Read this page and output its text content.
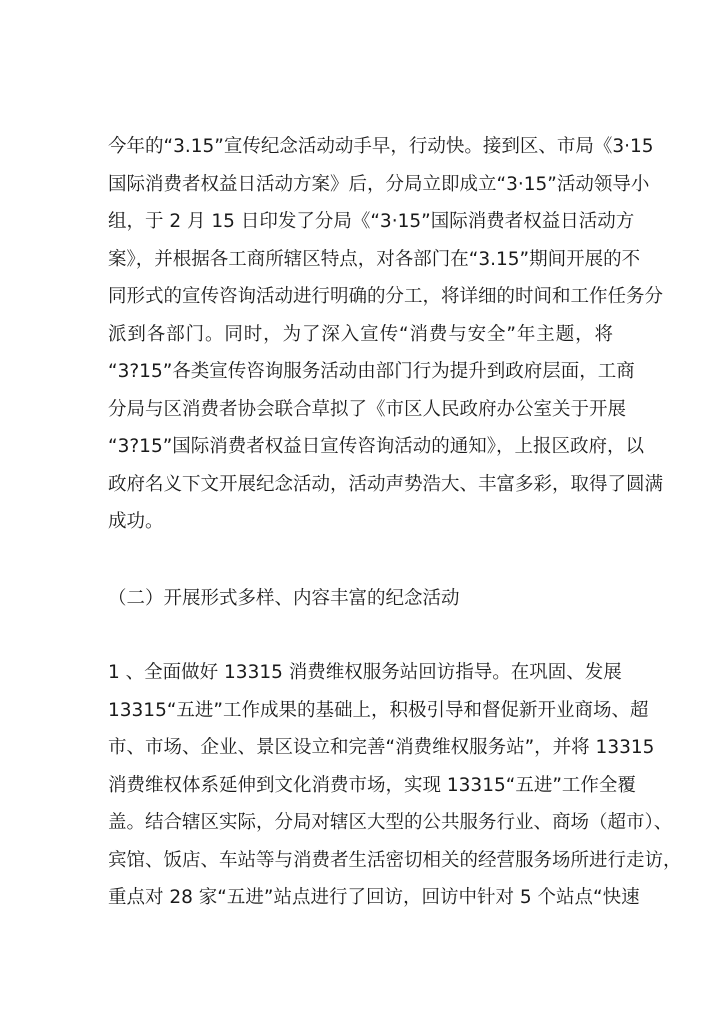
今年的“3.15”宣传纪念活动动手早，行动快。接到区、市局《3·15
国际消费者权益日活动方案》后，分局立即成立“3·15”活动领导小
组，于 2 月 15 日印发了分局《“3·15”国际消费者权益日活动方
案》，并根据各工商所辖区特点，对各部门在“3.15”期间开展的不
同形式的宣传咨询活动进行明确的分工，将详细的时间和工作任务分
派到各部门。同时，为了深入宣传“消费与安全”年主题，将
“3?15”各类宣传咨询服务活动由部门行为提升到政府层面，工商
分局与区消费者协会联合草拟了《市区人民政府办公室关于开展
“3?15”国际消费者权益日宣传咨询活动的通知》，上报区政府，以
政府名义下文开展纪念活动，活动声势浩大、丰富多彩，取得了圆满
成功。
（二）开展形式多样、内容丰富的纪念活动
1 、全面做好 13315 消费维权服务站回访指导。在巩固、发展
13315“五进”工作成果的基础上，积极引导和督促新开业商场、超
市、市场、企业、景区设立和完善“消费维权服务站”，并将 13315
消费维权体系延伸到文化消费市场，实现 13315“五进”工作全覆
盖。结合辖区实际，分局对辖区大型的公共服务行业、商场（超市）、
宾馆、饭店、车站等与消费者生活密切相关的经营服务场所进行走访，
重点对 28 家“五进”站点进行了回访，回访中针对 5 个站点“快速
